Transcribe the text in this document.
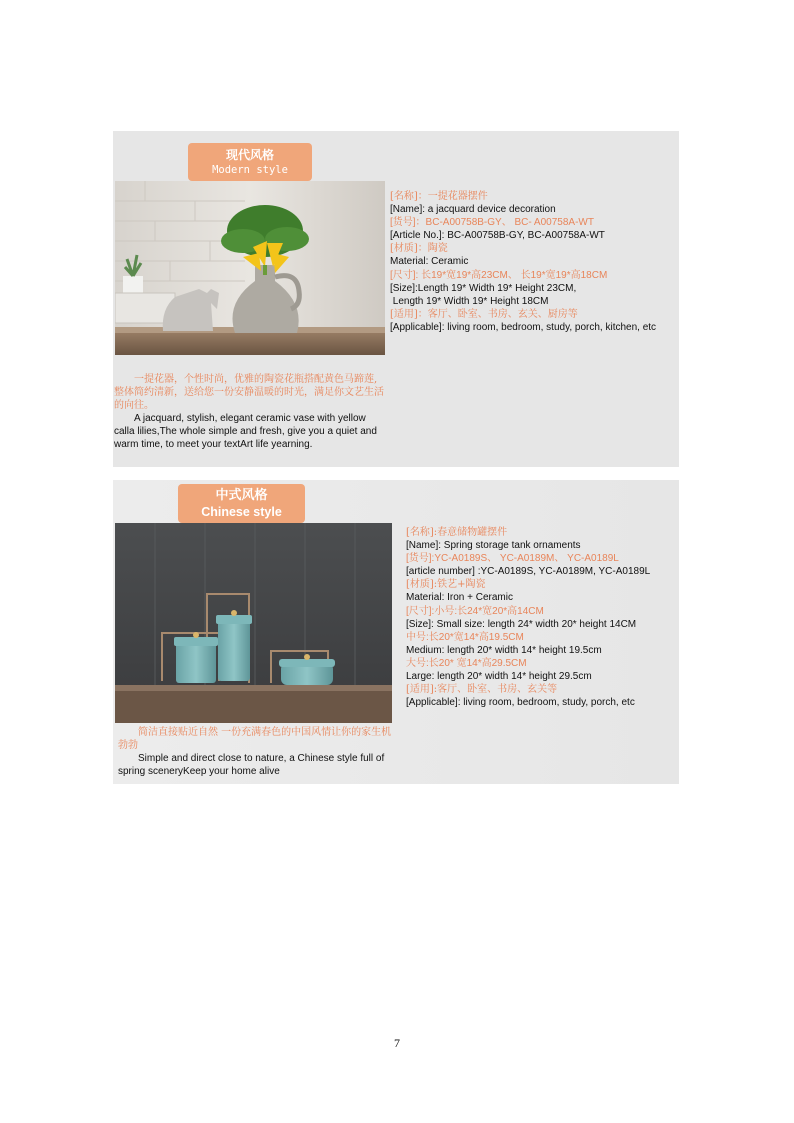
现代风格
Modern style
[名称]：一提花器摆件
[Name]: a jacquard device decoration
[货号]：BC-A00758B-GY、 BC- A00758A-WT
[Article No.]: BC-A00758B-GY, BC-A00758A-WT
[材质]：陶瓷
Material: Ceramic
[尺寸]: 长19*宽19*高23CM、 长19*宽19*高18CM
[Size]:Length 19* Width 19* Height 23CM,
Length 19* Width 19* Height 18CM
[适用]：客厅、卧室、书房、玄关、厨房等
[Applicable]: living room, bedroom, study, porch, kitchen, etc
一提花器，个性时尚，优雅的陶瓷花瓶搭配黄色马蹄莲,整体简约清新，送给您一份安静温暖的时光，满足你文艺生活的向往。
A jacquard, stylish, elegant ceramic vase with yellow calla lilies,The whole simple and fresh, give you a quiet and warm time, to meet your textArt life yearning.
中式风格
Chinese style
[名称]:春意储物罐摆件
[Name]: Spring storage tank ornaments
[货号]:YC-A0189S、 YC-A0189M、 YC-A0189L
[article number] :YC-A0189S, YC-A0189M, YC-A0189L
[材质]:铁艺+陶瓷
Material: Iron + Ceramic
[尺寸]:小号:长24*宽20*高14CM
[Size]: Small size: length 24* width 20* height 14CM
中号:长20*宽14*高19.5CM
Medium: length 20* width 14* height 19.5cm
大号:长20* 宽14*高29.5CM
Large: length 20* width 14* height 29.5cm
[适用]:客厅、卧室、书房、玄关等
[Applicable]: living room, bedroom, study, porch, etc
简洁直接贴近自然 一份充满春色的中国风情让你的家生机勃勃
Simple and direct close to nature, a Chinese style full of spring sceneryKeep your home alive
7
